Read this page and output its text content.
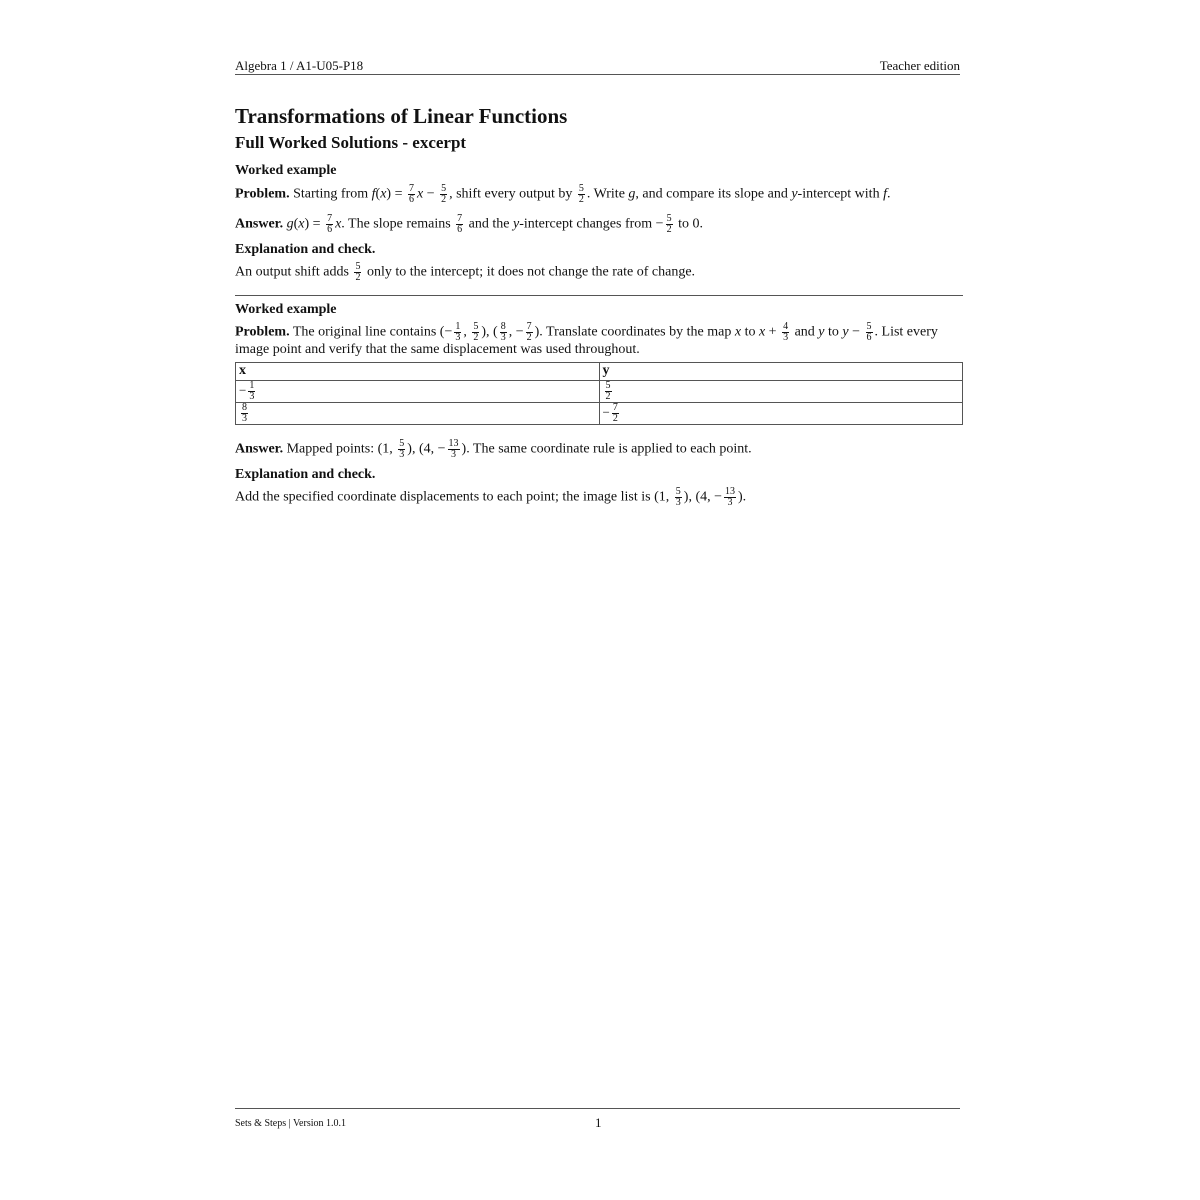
Algebra 1 / A1-U05-P18	Teacher edition
Transformations of Linear Functions
Full Worked Solutions - excerpt
Worked example
Problem. Starting from $f(x) = \frac{7}{6}$ $x - \frac{5}{2}$ , shift every output by $\frac{5}{2}$ . Write g, and compare its slope and y-intercept with f.
Answer. $g(x) = \frac{7}{6} x$. The slope remains $\frac{7}{6}$ and the y-intercept changes from − $\frac{5}{2}$ to 0.
Explanation and check.
An output shift adds $\frac{5}{2}$ only to the intercept; it does not change the rate of change.
Worked example
Problem. The original line contains (− $\frac{1}{3}$ , $\frac{5}{2}$ ), ( $\frac{8}{3}$ , − $\frac{7}{2}$ ). Translate coordinates by the map x to $x + \frac{4}{3}$ and y to $y - \frac{5}{6}$ . List every
image point and verify that the same displacement was used throughout.
x	y
− $\frac{1}{3}$	$\frac{5}{2}$

$\frac{8}{3}$	− $\frac{7}{2}$
Answer. Mapped points: (1, $\frac{5}{3}$ ), (4, − $\frac{13}{3}$ ). The same coordinate rule is applied to each point.
Explanation and check.
Add the specified coordinate displacements to each point; the image list is (1, $\frac{5}{3}$ ), (4, − $\frac{13}{3}$ ).
Sets & Steps | Version 1.0.1	1
